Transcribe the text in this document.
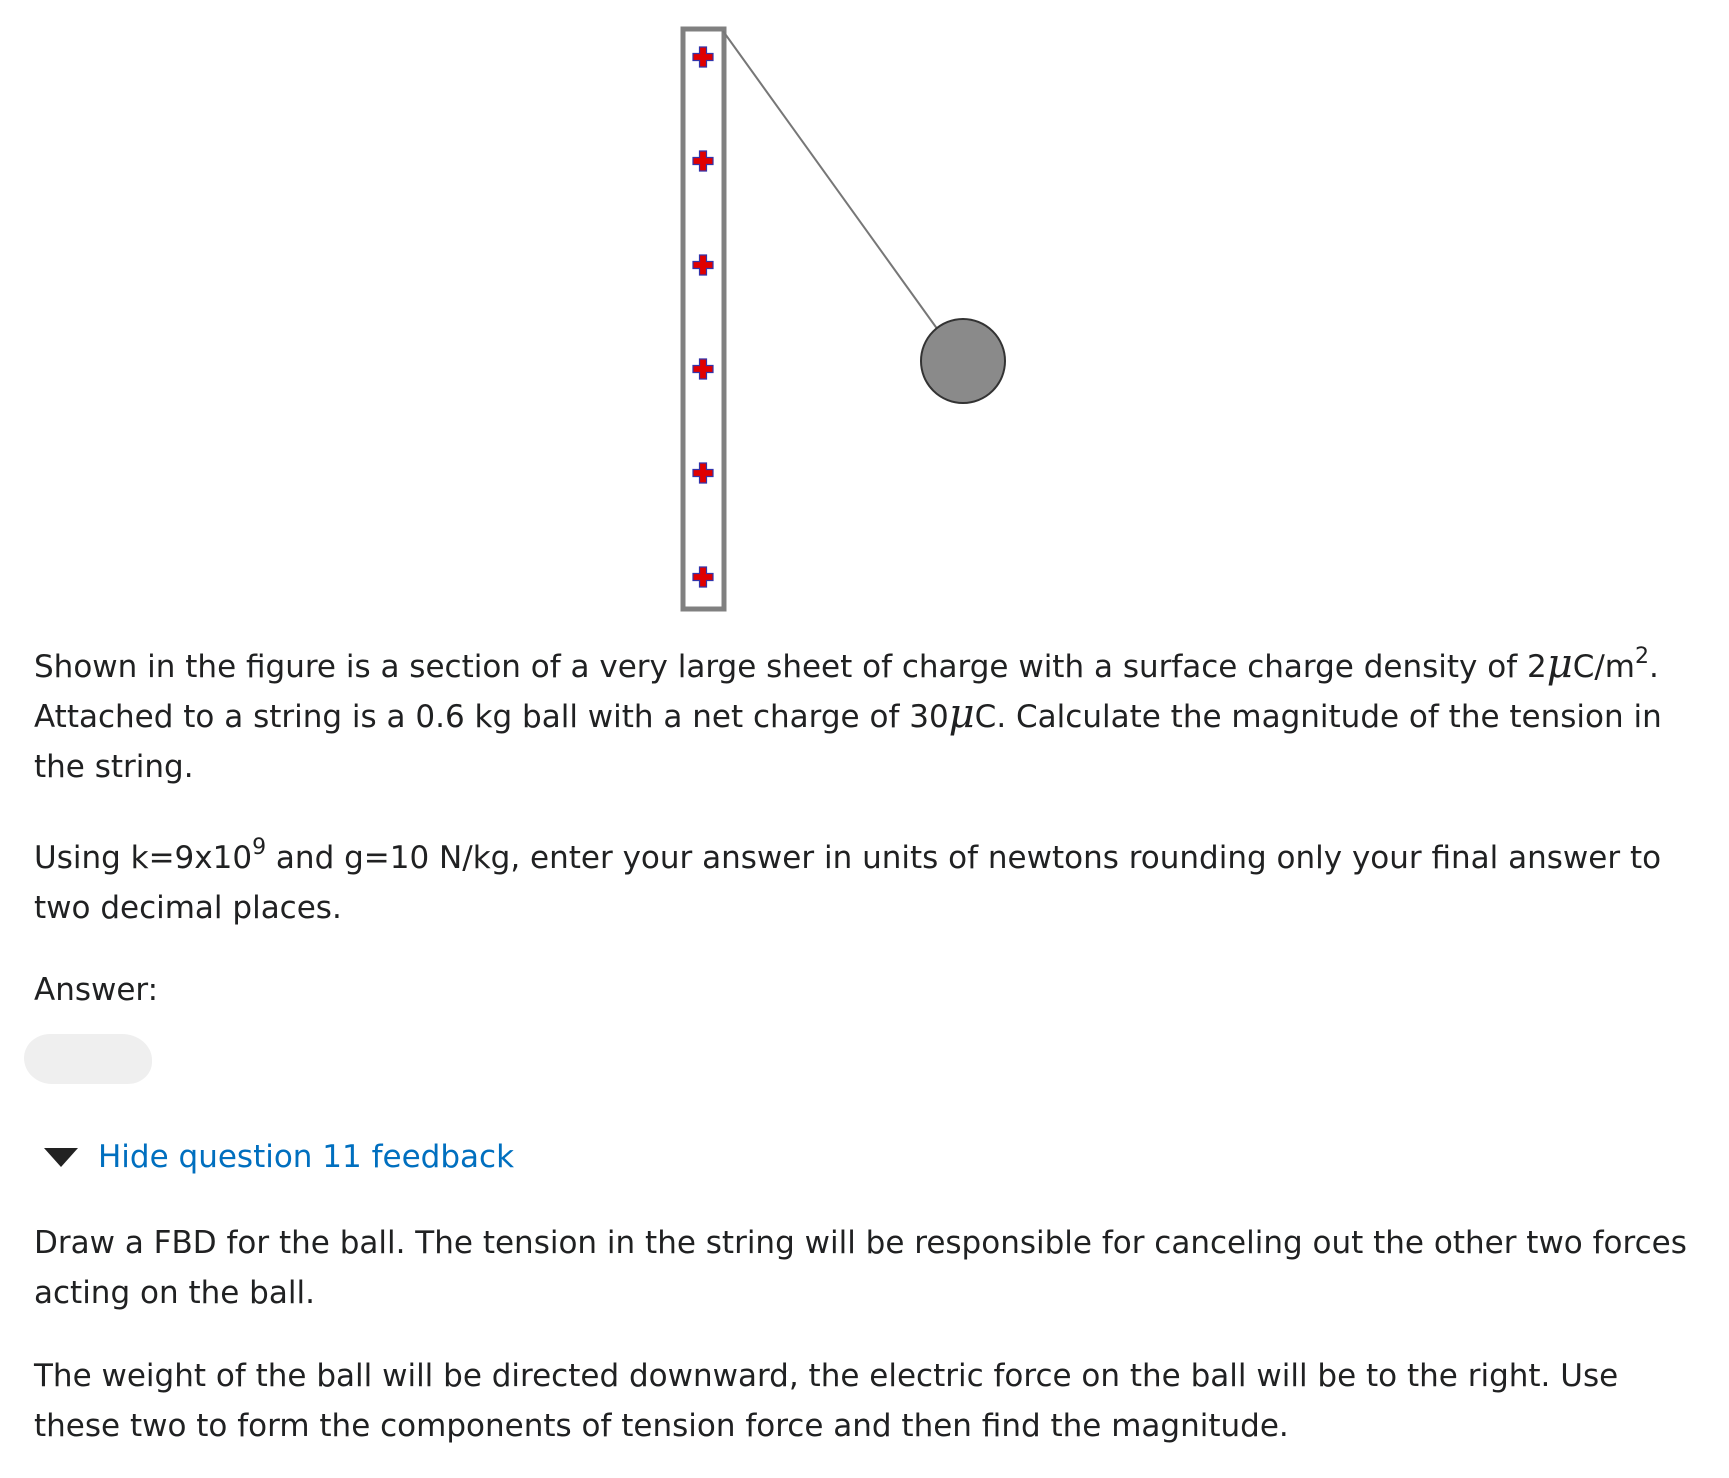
Shown in the figure is a section of a very large sheet of charge with a surface charge density of $2\mu C/m^2$. Attached to a string is a 0.6 kg ball with a net charge of 30μC. Calculate the magnitude of the tension in the string.

Using $k=9x10^9$ and g=10 N/kg, enter your answer in units of newtons rounding only your final answer to two decimal places.

Answer:

Hide question 11 feedback

Draw a FBD for the ball. The tension in the string will be responsible for canceling out the other two forces acting on the ball.

The weight of the ball will be directed downward, the electric force on the ball will be to the right. Use these two to form the components of tension force and then find the magnitude.
